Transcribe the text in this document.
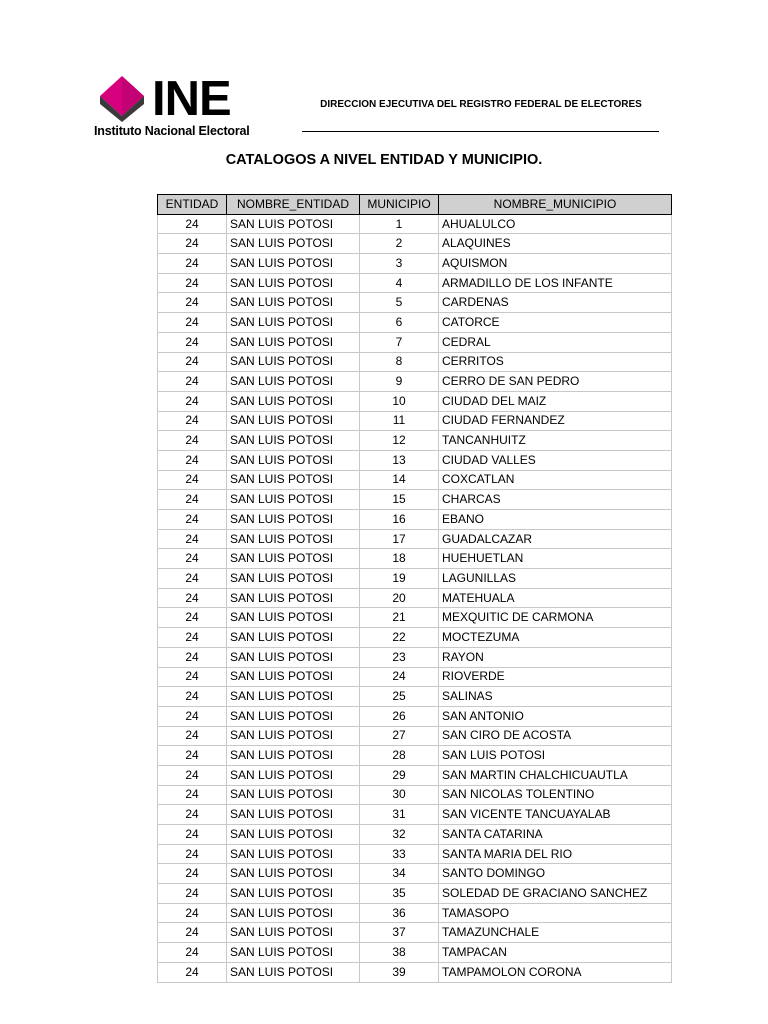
INE
Instituto Nacional Electoral
DIRECCION EJECUTIVA DEL REGISTRO FEDERAL DE ELECTORES
CATALOGOS A NIVEL ENTIDAD Y MUNICIPIO.
ENTIDAD	NOMBRE_ENTIDAD	MUNICIPIO	NOMBRE_MUNICIPIO
24	SAN LUIS POTOSI	1	AHUALULCO
24	SAN LUIS POTOSI	2	ALAQUINES
24	SAN LUIS POTOSI	3	AQUISMON
24	SAN LUIS POTOSI	4	ARMADILLO DE LOS INFANTE
24	SAN LUIS POTOSI	5	CARDENAS
24	SAN LUIS POTOSI	6	CATORCE
24	SAN LUIS POTOSI	7	CEDRAL
24	SAN LUIS POTOSI	8	CERRITOS
24	SAN LUIS POTOSI	9	CERRO DE SAN PEDRO
24	SAN LUIS POTOSI	10	CIUDAD DEL MAIZ
24	SAN LUIS POTOSI	11	CIUDAD FERNANDEZ
24	SAN LUIS POTOSI	12	TANCANHUITZ
24	SAN LUIS POTOSI	13	CIUDAD VALLES
24	SAN LUIS POTOSI	14	COXCATLAN
24	SAN LUIS POTOSI	15	CHARCAS
24	SAN LUIS POTOSI	16	EBANO
24	SAN LUIS POTOSI	17	GUADALCAZAR
24	SAN LUIS POTOSI	18	HUEHUETLAN
24	SAN LUIS POTOSI	19	LAGUNILLAS
24	SAN LUIS POTOSI	20	MATEHUALA
24	SAN LUIS POTOSI	21	MEXQUITIC DE CARMONA
24	SAN LUIS POTOSI	22	MOCTEZUMA
24	SAN LUIS POTOSI	23	RAYON
24	SAN LUIS POTOSI	24	RIOVERDE
24	SAN LUIS POTOSI	25	SALINAS
24	SAN LUIS POTOSI	26	SAN ANTONIO
24	SAN LUIS POTOSI	27	SAN CIRO DE ACOSTA
24	SAN LUIS POTOSI	28	SAN LUIS POTOSI
24	SAN LUIS POTOSI	29	SAN MARTIN CHALCHICUAUTLA
24	SAN LUIS POTOSI	30	SAN NICOLAS TOLENTINO
24	SAN LUIS POTOSI	31	SAN VICENTE TANCUAYALAB
24	SAN LUIS POTOSI	32	SANTA CATARINA
24	SAN LUIS POTOSI	33	SANTA MARIA DEL RIO
24	SAN LUIS POTOSI	34	SANTO DOMINGO
24	SAN LUIS POTOSI	35	SOLEDAD DE GRACIANO SANCHEZ
24	SAN LUIS POTOSI	36	TAMASOPO
24	SAN LUIS POTOSI	37	TAMAZUNCHALE
24	SAN LUIS POTOSI	38	TAMPACAN
24	SAN LUIS POTOSI	39	TAMPAMOLON CORONA
